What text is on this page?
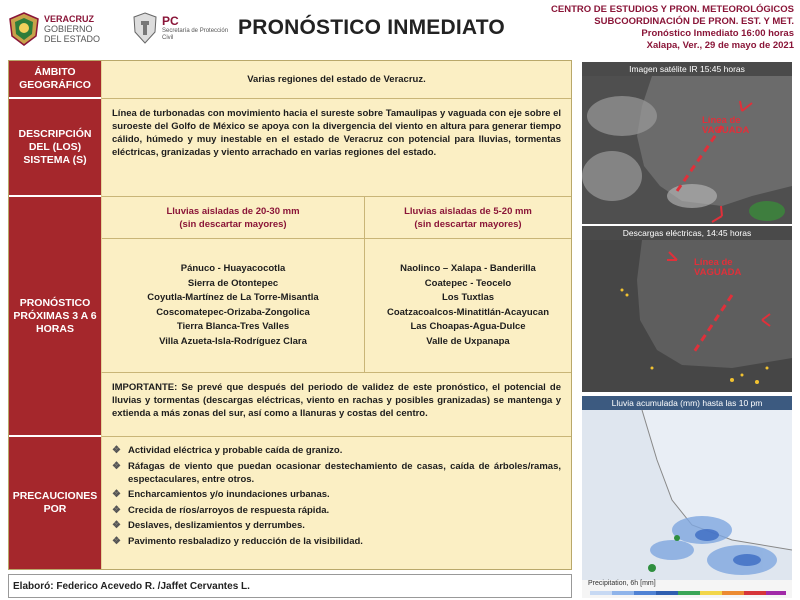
VERACRUZ
GOBIERNO
DEL ESTADO
PC
Secretaría de Protección Civil	PRONÓSTICO INMEDIATO
CENTRO DE ESTUDIOS Y PRON. METEOROLÓGICOS
SUBCOORDINACIÓN DE PRON. EST. Y MET.
Pronóstico Inmediato 16:00 horas
Xalapa, Ver., 29 de mayo de 2021
ÁMBITO GEOGRÁFICO	Varias regiones del estado de Veracruz.
DESCRIPCIÓN DEL (LOS) SISTEMA (S)
Línea de turbonadas con movimiento hacia el sureste sobre Tamaulipas y vaguada con eje sobre el suroeste del Golfo de México se apoya con la divergencia del viento en altura para generar tiempo cálido, húmedo y muy inestable en el estado de Veracruz con potencial para lluvias, tormentas eléctricas, granizadas y viento arrachado en varias regiones del estado.
PRONÓSTICO PRÓXIMAS 3 A 6 HORAS
Lluvias aisladas de 20-30 mm
(sin descartar mayores)
Lluvias aisladas de 5-20 mm
(sin descartar mayores)
Pánuco - Huayacocotla
Sierra de Otontepec
Coyutla-Martínez de La Torre-Misantla
Coscomatepec-Orizaba-Zongolica
Tierra Blanca-Tres Valles
Villa Azueta-Isla-Rodríguez Clara
Naolinco – Xalapa - Banderilla
Coatepec - Teocelo
Los Tuxtlas
Coatzacoalcos-Minatitlán-Acayucan
Las Choapas-Agua-Dulce
Valle de Uxpanapa
IMPORTANTE: Se prevé que después del periodo de validez de este pronóstico, el potencial de lluvias y tormentas (descargas eléctricas, viento en rachas y posibles granizadas) se mantenga y extienda a más zonas del sur, así como a llanuras y costas del centro.
PRECAUCIONES POR
❖ Actividad eléctrica y probable caída de granizo.
❖ Ráfagas de viento que puedan ocasionar destechamiento de casas, caída de árboles/ramas, espectaculares, entre otros.
❖ Encharcamientos y/o inundaciones urbanas.
❖ Crecida de ríos/arroyos de respuesta rápida.
❖ Deslaves, deslizamientos y derrumbes.
❖ Pavimento resbaladizo y reducción de la visibilidad.
Elaboró: Federico Acevedo R. /Jaffet Cervantes L.
Imagen satélite IR 15:45 horas
Línea de VAGUADA
Descargas eléctricas, 14:45 horas
Línea de VAGUADA
Lluvia acumulada (mm) hasta las 10 pm
Precipitation, 6h [mm]
